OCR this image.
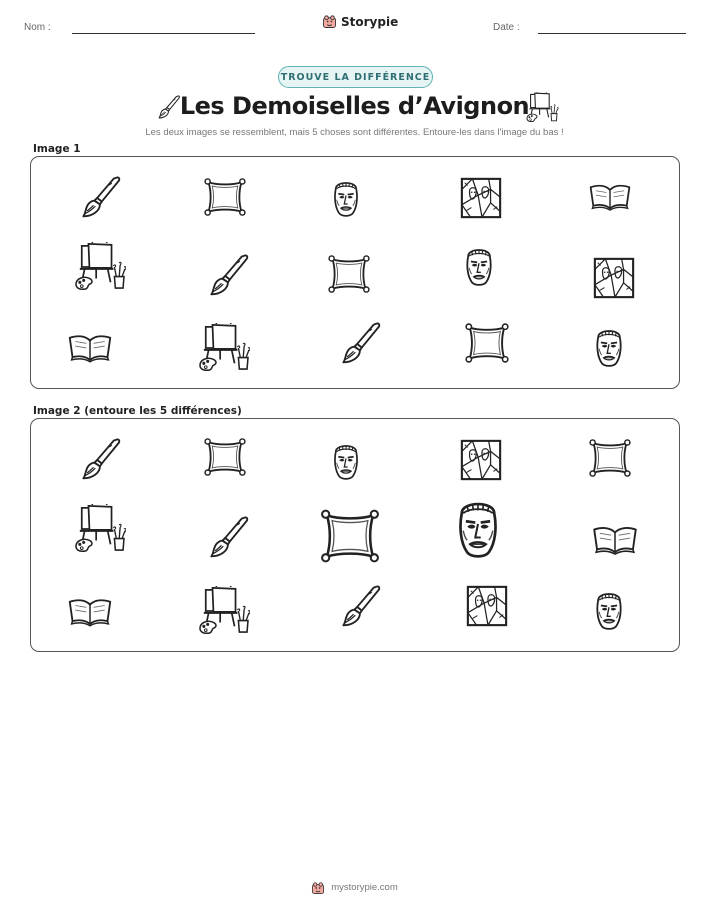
Nom :	Storypie	Date :
TROUVE LA DIFFÉRENCE
Les Demoiselles d’Avignon
Les deux images se ressemblent, mais 5 choses sont différentes. Entoure-les dans l'image du bas !
Image 1
Image 2 (entoure les 5 différences)
mystorypie.com
